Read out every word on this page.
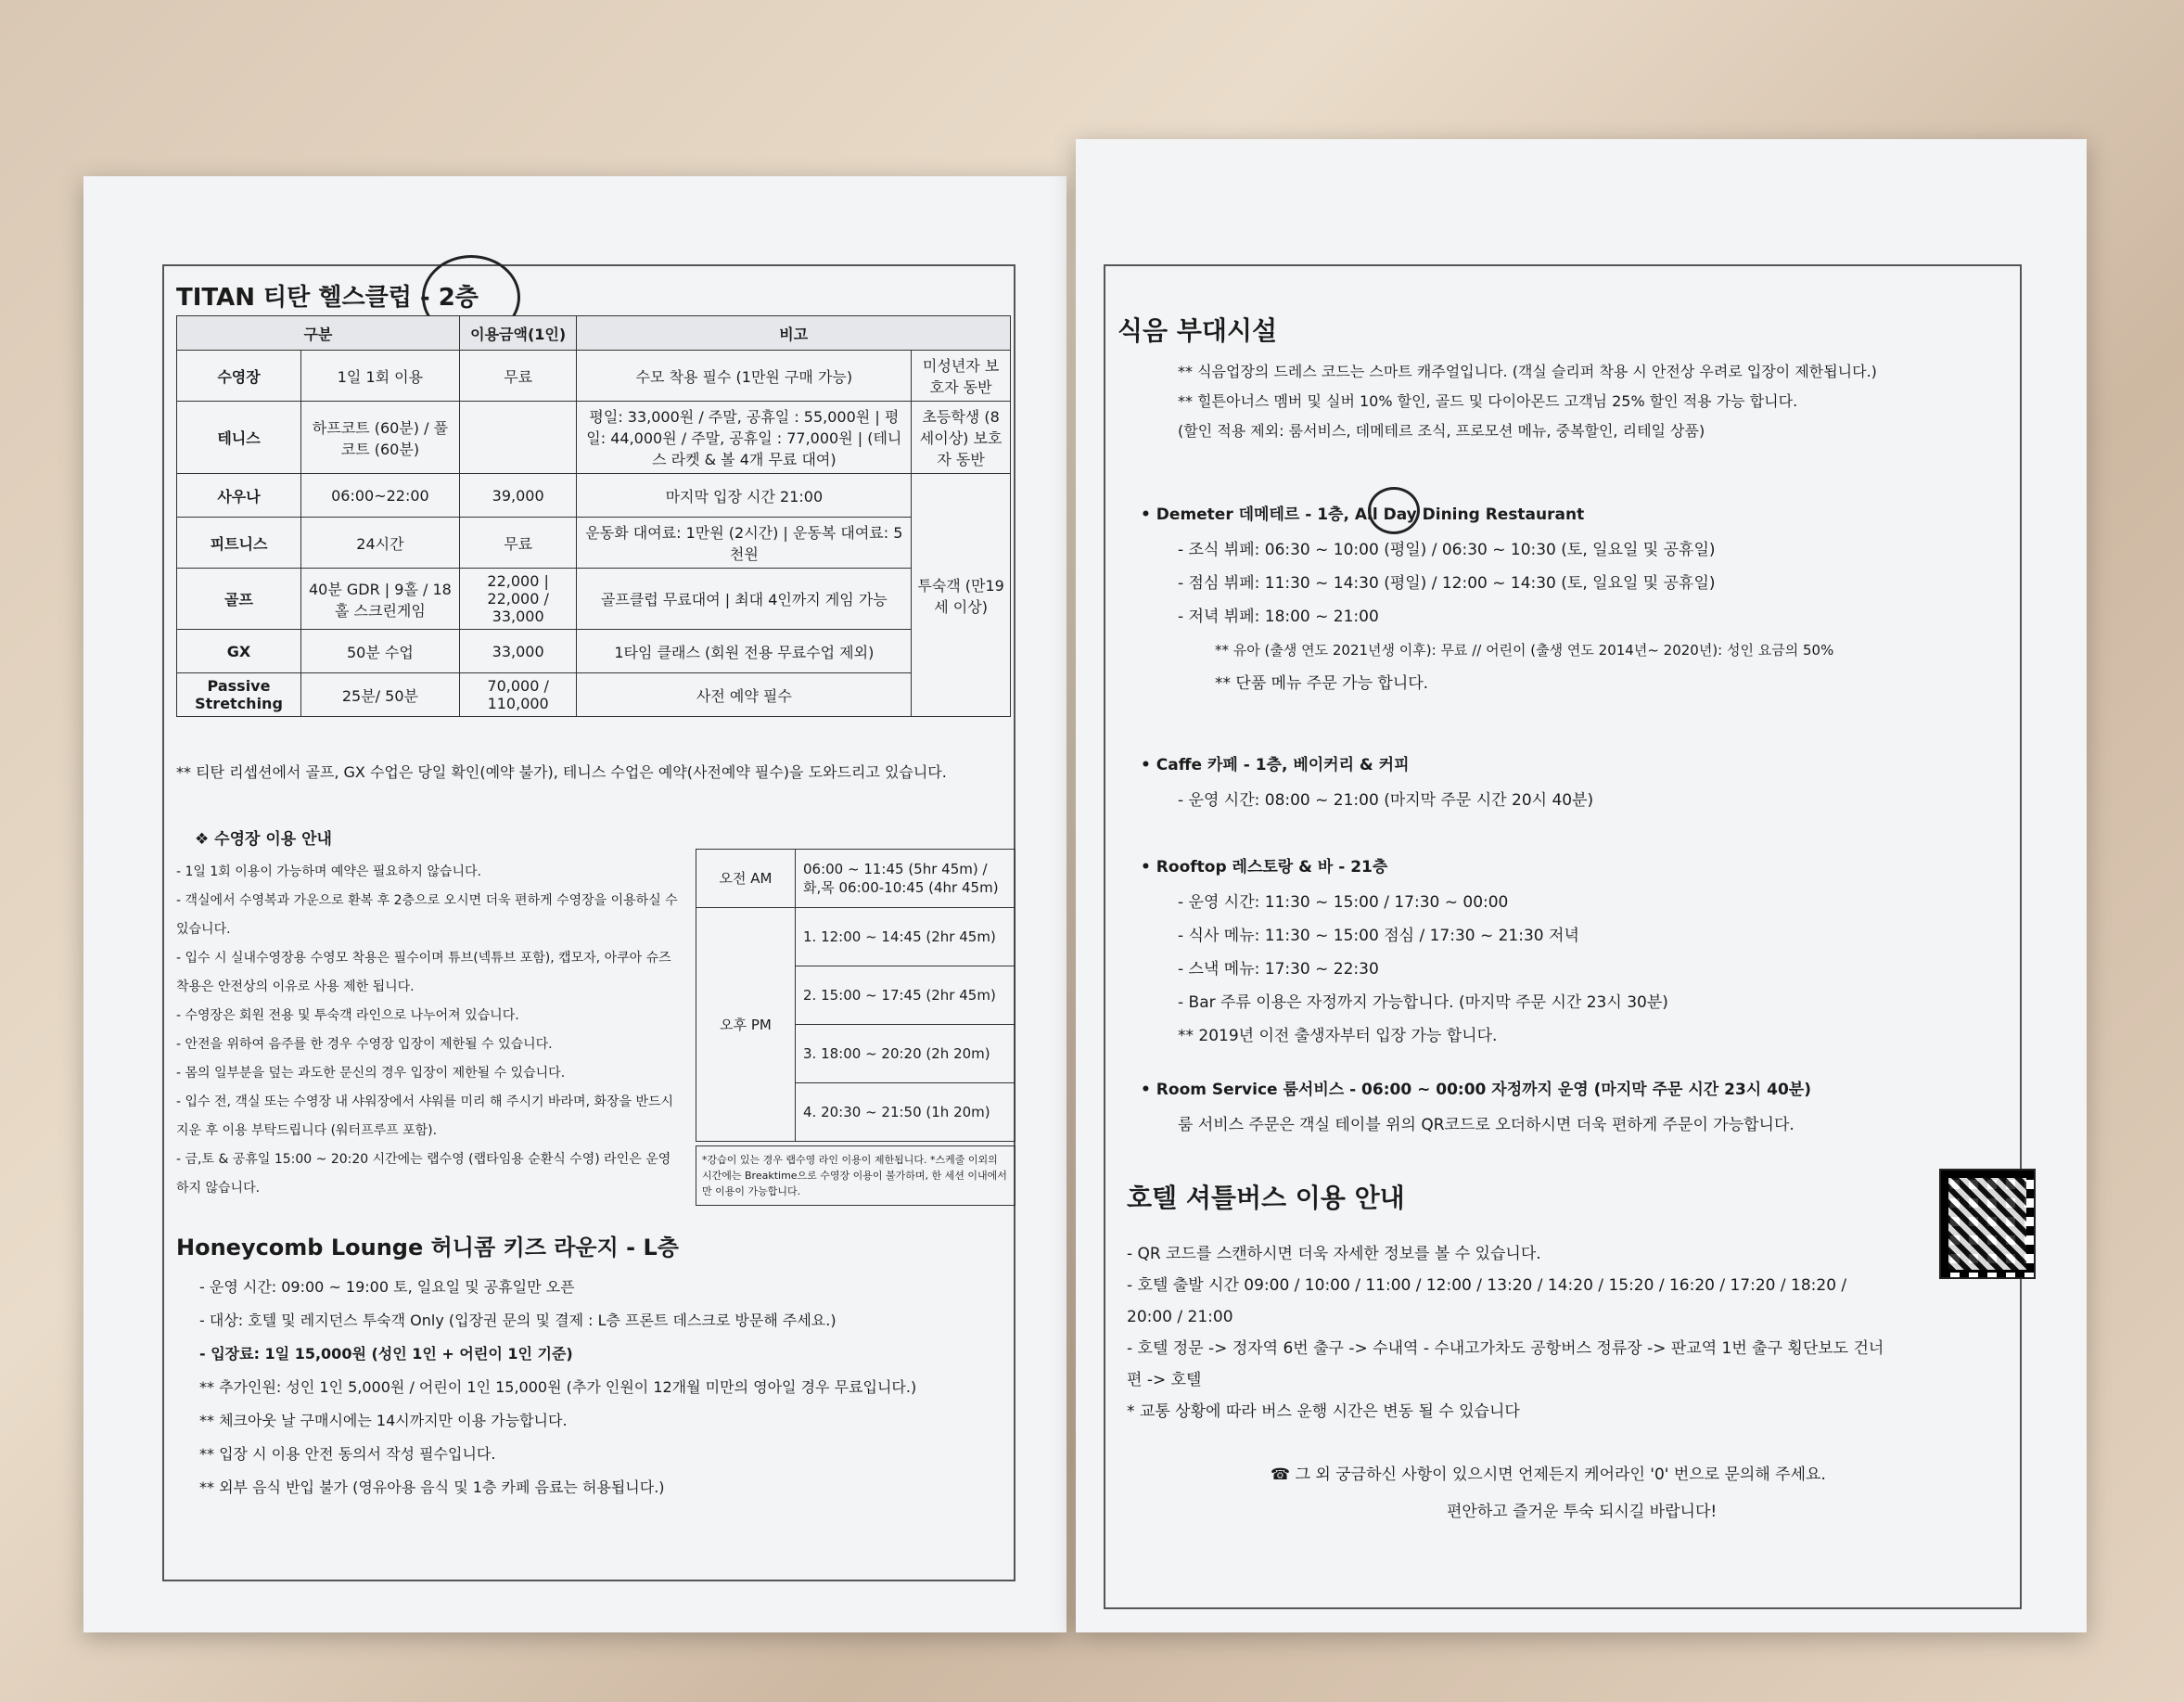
TITAN 티탄 헬스클럽 - 2층
구분		이용금액(1인)	비고	
수영장	1일 1회 이용	무료	수모 착용 필수 (1만원 구매 가능)	미성년자 보호자 동반
테니스	하프코트 (60분) / 풀코트 (60분)		평일: 33,000원 / 주말, 공휴일 : 55,000원 | 평일: 44,000원 / 주말, 공휴일 : 77,000원 | (테니스 라켓 & 볼 4개 무료 대여)	초등학생 (8세이상) 보호자 동반
사우나	06:00~22:00	39,000	마지막 입장 시간 21:00	투숙객 (만19세 이상)
피트니스	24시간	무료	운동화 대여료: 1만원 (2시간) | 운동복 대여료: 5천원	
골프	40분 GDR | 9홀 / 18홀 스크린게임	22,000 | 22,000 / 33,000	골프클럽 무료대여 | 최대 4인까지 게임 가능	
GX	50분 수업	33,000	1타임 클래스 (회원 전용 무료수업 제외)	
Passive Stretching	25분/ 50분	70,000 / 110,000	사전 예약 필수	
** 티탄 리셉션에서 골프, GX 수업은 당일 확인(예약 불가), 테니스 수업은 예약(사전예약 필수)을 도와드리고 있습니다.
❖ 수영장 이용 안내
- 1일 1회 이용이 가능하며 예약은 필요하지 않습니다.
- 객실에서 수영복과 가운으로 환복 후 2층으로 오시면 더욱 편하게 수영장을 이용하실 수 있습니다.
- 입수 시 실내수영장용 수영모 착용은 필수이며 튜브(넥튜브 포함), 캡모자, 아쿠아 슈즈 착용은 안전상의 이유로 사용 제한 됩니다.
- 수영장은 회원 전용 및 투숙객 라인으로 나누어져 있습니다.
- 안전을 위하여 음주를 한 경우 수영장 입장이 제한될 수 있습니다.
- 몸의 일부분을 덮는 과도한 문신의 경우 입장이 제한될 수 있습니다.
- 입수 전, 객실 또는 수영장 내 샤워장에서 샤워를 미리 해 주시기 바라며, 화장을 반드시 지운 후 이용 부탁드립니다 (워터프루프 포함).
- 금,토 & 공휴일 15:00 ~ 20:20 시간에는 랩수영 (랩타임용 순환식 수영) 라인은 운영하지 않습니다.
오전 AM	06:00 ~ 11:45 (5hr 45m) / 화,목 06:00-10:45 (4hr 45m)
오후 PM	1. 12:00 ~ 14:45 (2hr 45m)
	2. 15:00 ~ 17:45 (2hr 45m)
	3. 18:00 ~ 20:20 (2h 20m)
	4. 20:30 ~ 21:50 (1h 20m)
*강습이 있는 경우 랩수영 라인 이용이 제한됩니다. *스케줄 이외의 시간에는 Breaktime으로 수영장 이용이 불가하며, 한 세션 이내에서만 이용이 가능합니다.
Honeycomb Lounge 허니콤 키즈 라운지 - L층
- 운영 시간: 09:00 ~ 19:00 토, 일요일 및 공휴일만 오픈
- 대상: 호텔 및 레지던스 투숙객 Only (입장권 문의 및 결제 : L층 프론트 데스크로 방문해 주세요.)
- 입장료: 1일 15,000원 (성인 1인 + 어린이 1인 기준)
** 추가인원: 성인 1인 5,000원 / 어린이 1인 15,000원 (추가 인원이 12개월 미만의 영아일 경우 무료입니다.)
** 체크아웃 날 구매시에는 14시까지만 이용 가능합니다.
** 입장 시 이용 안전 동의서 작성 필수입니다.
** 외부 음식 반입 불가 (영유아용 음식 및 1층 카페 음료는 허용됩니다.)
식음 부대시설
** 식음업장의 드레스 코드는 스마트 캐주얼입니다. (객실 슬리퍼 착용 시 안전상 우려로 입장이 제한됩니다.)
** 힐튼아너스 멤버 및 실버 10% 할인, 골드 및 다이아몬드 고객님 25% 할인 적용 가능 합니다.
(할인 적용 제외: 룸서비스, 데메테르 조식, 프로모션 메뉴, 중복할인, 리테일 상품)
• Demeter 데메테르 - 1층, All Day Dining Restaurant
- 조식 뷔페: 06:30 ~ 10:00 (평일) / 06:30 ~ 10:30 (토, 일요일 및 공휴일)
- 점심 뷔페: 11:30 ~ 14:30 (평일) / 12:00 ~ 14:30 (토, 일요일 및 공휴일)
- 저녁 뷔페: 18:00 ~ 21:00
** 유아 (출생 연도 2021년생 이후): 무료 // 어린이 (출생 연도 2014년~ 2020년): 성인 요금의 50%
** 단품 메뉴 주문 가능 합니다.
• Caffe 카페 - 1층, 베이커리 & 커피
- 운영 시간: 08:00 ~ 21:00 (마지막 주문 시간 20시 40분)
• Rooftop 레스토랑 & 바 - 21층
- 운영 시간: 11:30 ~ 15:00 / 17:30 ~ 00:00
- 식사 메뉴: 11:30 ~ 15:00 점심 / 17:30 ~ 21:30 저녁
- 스낵 메뉴: 17:30 ~ 22:30
- Bar 주류 이용은 자정까지 가능합니다. (마지막 주문 시간 23시 30분)
** 2019년 이전 출생자부터 입장 가능 합니다.
• Room Service 룸서비스 - 06:00 ~ 00:00 자정까지 운영 (마지막 주문 시간 23시 40분)
룸 서비스 주문은 객실 테이블 위의 QR코드로 오더하시면 더욱 편하게 주문이 가능합니다.
호텔 셔틀버스 이용 안내
- QR 코드를 스캔하시면 더욱 자세한 정보를 볼 수 있습니다.
- 호텔 출발 시간 09:00 / 10:00 / 11:00 / 12:00 / 13:20 / 14:20 / 15:20 / 16:20 / 17:20 / 18:20 / 20:00 / 21:00
- 호텔 정문 -> 정자역 6번 출구 -> 수내역 - 수내고가차도 공항버스 정류장 -> 판교역 1번 출구 횡단보도 건너편 -> 호텔
* 교통 상황에 따라 버스 운행 시간은 변동 될 수 있습니다
☎ 그 외 궁금하신 사항이 있으시면 언제든지 케어라인 '0' 번으로 문의해 주세요.
편안하고 즐거운 투숙 되시길 바랍니다!
